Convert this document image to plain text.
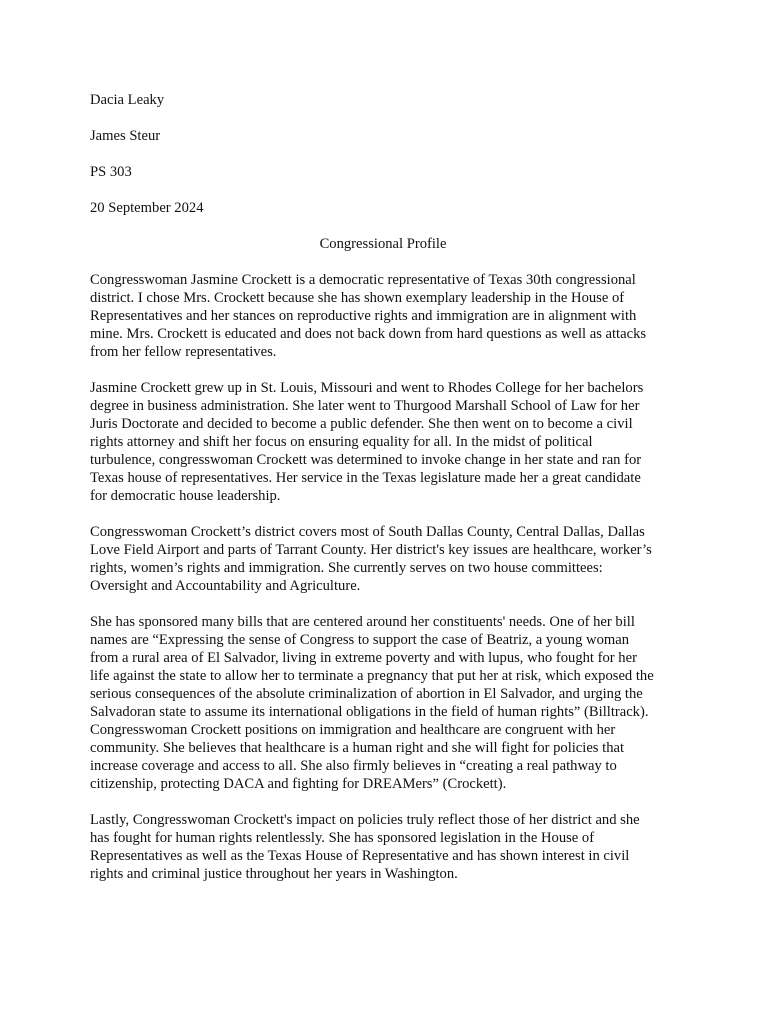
Dacia Leaky
James Steur
PS 303
20 September 2024
Congressional Profile
Congresswoman Jasmine Crockett is a democratic representative of Texas 30th congressional
district. I chose Mrs. Crockett because she has shown exemplary leadership in the House of
Representatives and her stances on reproductive rights and immigration are in alignment with
mine. Mrs. Crockett is educated and does not back down from hard questions as well as attacks
from her fellow representatives.
Jasmine Crockett grew up in St. Louis, Missouri and went to Rhodes College for her bachelors
degree in business administration. She later went to Thurgood Marshall School of Law for her
Juris Doctorate and decided to become a public defender. She then went on to become a civil
rights attorney and shift her focus on ensuring equality for all. In the midst of political
turbulence, congresswoman Crockett was determined to invoke change in her state and ran for
Texas house of representatives. Her service in the Texas legislature made her a great candidate
for democratic house leadership.
Congresswoman Crockett’s district covers most of South Dallas County, Central Dallas, Dallas
Love Field Airport and parts of Tarrant County. Her district's key issues are healthcare, worker’s
rights, women’s rights and immigration. She currently serves on two house committees:
Oversight and Accountability and Agriculture.
She has sponsored many bills that are centered around her constituents' needs. One of her bill
names are “Expressing the sense of Congress to support the case of Beatriz, a young woman
from a rural area of El Salvador, living in extreme poverty and with lupus, who fought for her
life against the state to allow her to terminate a pregnancy that put her at risk, which exposed the
serious consequences of the absolute criminalization of abortion in El Salvador, and urging the
Salvadoran state to assume its international obligations in the field of human rights” (Billtrack).
Congresswoman Crockett positions on immigration and healthcare are congruent with her
community. She believes that healthcare is a human right and she will fight for policies that
increase coverage and access to all. She also firmly believes in “creating a real pathway to
citizenship, protecting DACA and fighting for DREAMers” (Crockett).
Lastly, Congresswoman Crockett's impact on policies truly reflect those of her district and she
has fought for human rights relentlessly. She has sponsored legislation in the House of
Representatives as well as the Texas House of Representative and has shown interest in civil
rights and criminal justice throughout her years in Washington.
